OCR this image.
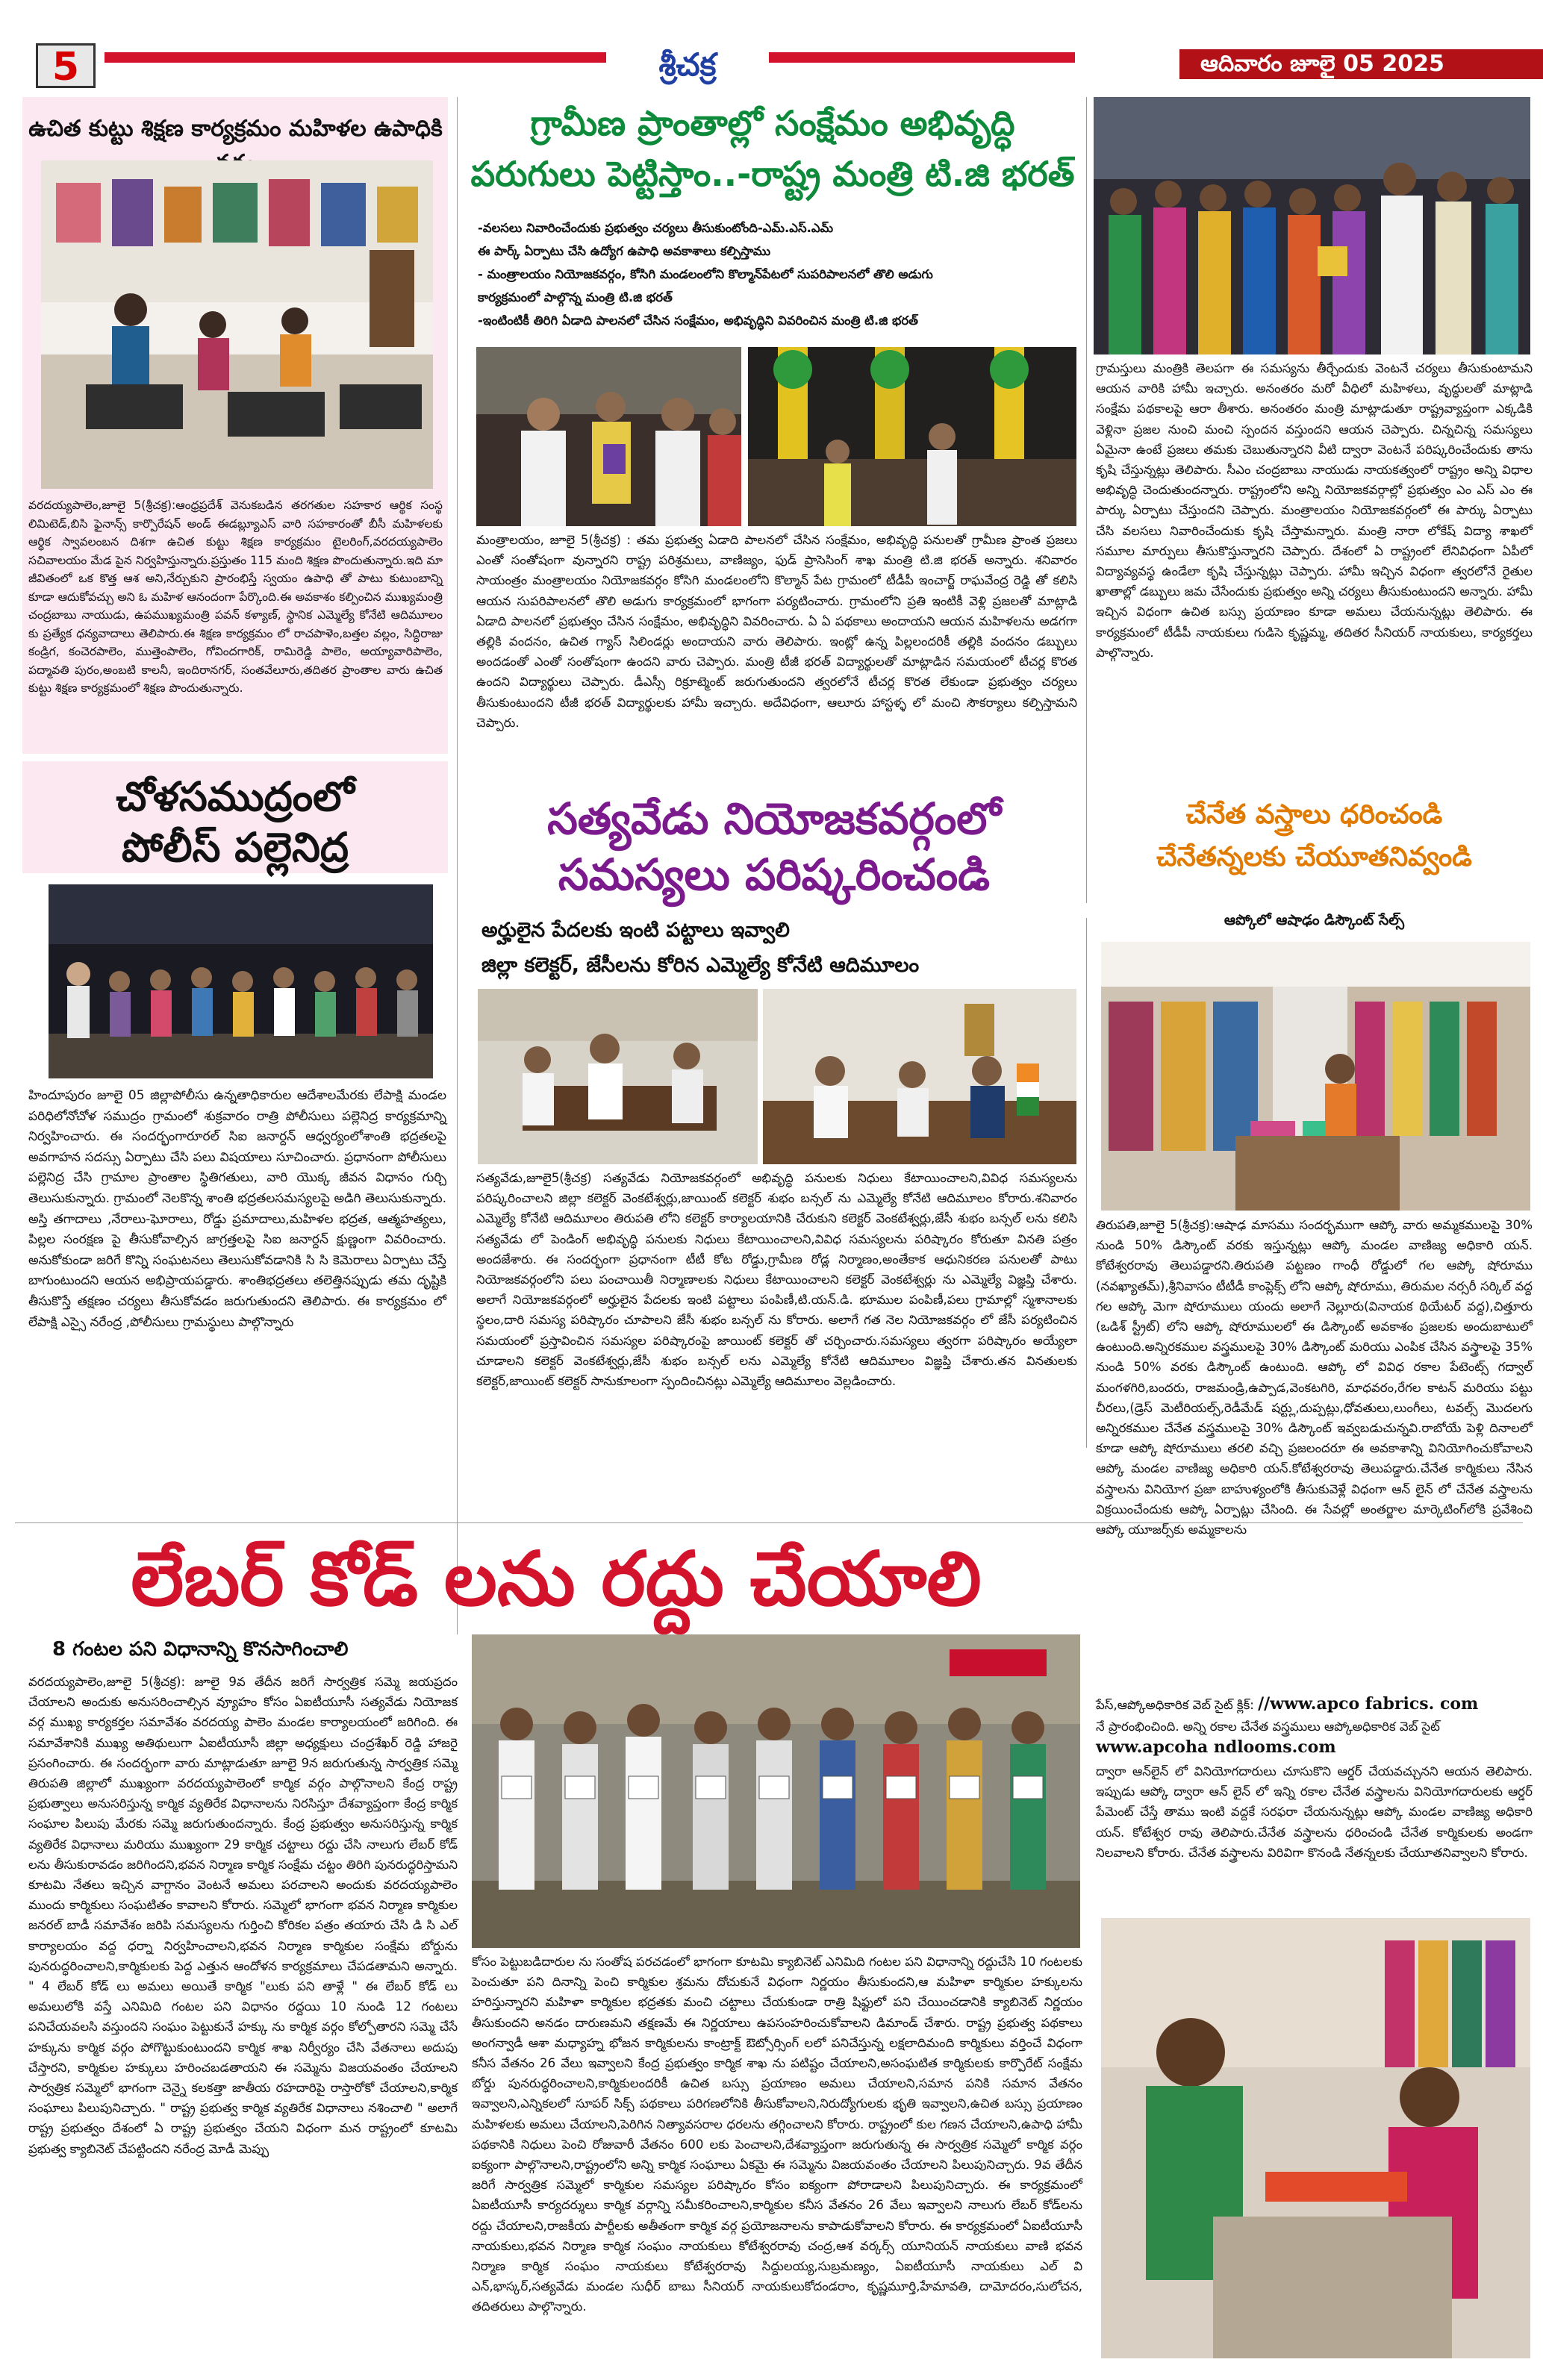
5	శ్రీచక్ర	ఆదివారం జూలై 05 2025
ఉచిత కుట్టు శిక్షణ కార్యక్రమం మహిళల ఉపాధికి
వరదయ్యపాలెం,జూలై 5(శ్రీచక్ర):ఆంధ్రప్రదేశ్ వెనుకబడిన తరగతుల సహకార ఆర్థిక సంస్థ లిమిటెడ్,బిసి ఫైనాన్స్ కార్పొరేషన్ అండ్ ఈడబ్ల్యూఎస్ వారి సహకారంతో బీసీ మహిళలకు ఆర్థిక స్వావలంబన దిశగా ఉచిత కుట్టు శిక్షణ కార్యక్రమం టైలరింగ్,వరదయ్యపాలెం సచివాలయం మేడ పైన నిర్వహిస్తున్నారు.ప్రస్తుతం 115 మంది శిక్షణ పొందుతున్నారు.ఇది మా జీవితంలో ఒక కొత్త ఆశ అని,నేర్చుకుని ప్రారంభిస్తే స్వయం ఉపాధి తో పాటు కుటుంబాన్ని కూడా ఆదుకోవచ్చు అని ఓ మహిళ ఆనందంగా పేర్కొంది.ఈ అవకాశం కల్పించిన ముఖ్యమంత్రి చంద్రబాబు నాయుడు, ఉపముఖ్యమంత్రి పవన్ కళ్యాణ్, స్థానిక ఎమ్మెల్యే కోనేటి ఆదిమూలం కు ప్రత్యేక ధన్యవాదాలు తెలిపారు.ఈ శిక్షణ కార్యక్రమం లో రాచపాళెం,బత్తల వల్లం, సిద్ధిరాజు కండ్రిగ, కంచెరపాలెం, ముత్తెంపాలెం, గోవిందగారిక్, రామిరెడ్డి పాలెం, అయ్యావారిపాలెం, పద్మావతి పురం,అంబటి కాలనీ, ఇందిరానగర్, సంతవేలూరు,తదితర ప్రాంతాల వారు ఉచిత కుట్టు శిక్షణ కార్యక్రమంలో శిక్షణ పొందుతున్నారు.
చోళసముద్రంలో
పోలీస్ పల్లెనిద్ర
హిందూపురం జూలై 05 జిల్లాపోలీసు ఉన్నతాధికారుల ఆదేశాలమేరకు లేపాక్షి మండల పరిధిలోనోచోళ సముద్రం గ్రామంలో శుక్రవారం రాత్రి పోలీసులు పల్లెనిద్ర కార్యక్రమాన్ని నిర్వహించారు. ఈ సందర్భంగారూరల్ సిఐ జనార్దన్ ఆధ్వర్యంలోశాంతి భద్రతలపై అవగాహన సదస్సు ఏర్పాటు చేసి పలు విషయాలు సూచించారు. ప్రధానంగా పోలీసులు పల్లెనిద్ర చేసి గ్రామాల ప్రాంతాల స్థితిగతులు, వారి యొక్క జీవన విధానం గుర్చి తెలుసుకున్నారు. గ్రామంలో నెలకొన్న శాంతి భద్రతలసమస్యలపై అడిగి తెలుసుకున్నారు. అస్తి తగాదాలు ,నేరాలు-ఘోరాలు, రోడ్డు ప్రమాదాలు,మహిళల భద్రత, ఆత్మహత్యలు, పిల్లల సంరక్షణ పై తీసుకోవాల్సిన జాగ్రత్తలపై సిఐ జనార్దన్ క్షుణ్ణంగా వివరించారు. అనుకోకుండా జరిగే కొన్ని సంఘటనలు తెలుసుకోవడానికి సి సి కెమెరాలు ఏర్పాటు చేస్తే బాగుంటుందని ఆయన అభిప్రాయపడ్డారు. శాంతిభద్రతలు తలెత్తినప్పుడు తమ దృష్టికి తీసుకొస్తే తక్షణం చర్యలు తీసుకోవడం జరుగుతుందని తెలిపారు. ఈ కార్యక్రమం లో లేపాక్షి ఎస్సై నరేంద్ర ,పోలీసులు గ్రామస్థులు పాల్గొన్నారు
గ్రామీణ ప్రాంతాల్లో సంక్షేమం అభివృద్ధి
పరుగులు పెట్టిస్తాం..-రాష్ట్ర మంత్రి టి.జి భరత్
-వలసలు నివారించేందుకు ప్రభుత్వం చర్యలు తీసుకుంటోంది-ఎమ్.ఎస్.ఎమ్
ఈ పార్క్ ఏర్పాటు చేసి ఉద్యోగ ఉపాధి అవకాశాలు కల్పిస్తాము
- మంత్రాలయం నియోజకవర్గం, కోసిగి మండలంలోని కొల్మాన్‌పేటలో సుపరిపాలనలో తొలి అడుగు
కార్యక్రమంలో పాల్గొన్న మంత్రి టి.జి భరత్
-ఇంటింటికీ తిరిగి ఏడాది పాలనలో చేసిన సంక్షేమం, అభివృద్ధిని వివరించిన మంత్రి టి.జి భరత్
మంత్రాలయం, జూలై 5(శ్రీచక్ర) : తమ ప్రభుత్వ ఏడాది పాలనలో చేసిన సంక్షేమం, అభివృద్ధి పనులతో గ్రామీణ ప్రాంత ప్రజలు ఎంతో సంతోషంగా వున్నారని రాష్ట్ర పరిశ్రమలు, వాణిజ్యం, ఫుడ్ ప్రాసెసింగ్ శాఖ మంత్రి టి.జి భరత్ అన్నారు. శనివారం సాయంత్రం మంత్రాలయం నియోజకవర్గం కోసిగి మండలంలోని కొల్మాన్ పేట గ్రామంలో టీడీపీ ఇంచార్జ్ రాఘవేంద్ర రెడ్డి తో కలిసి ఆయన సుపరిపాలనలో తొలి అడుగు కార్యక్రమంలో భాగంగా పర్యటించారు. గ్రామంలోని ప్రతి ఇంటికీ వెళ్లి ప్రజలతో మాట్లాడి ఏడాది పాలనలో ప్రభుత్వం చేసిన సంక్షేమం, అభివృద్ధిని వివరించారు. ఏ ఏ పథకాలు అందాయని ఆయన మహిళలను అడగగా తల్లికి వందనం, ఉచిత గ్యాస్ సిలిండర్లు అందాయని వారు తెలిపారు. ఇంట్లో ఉన్న పిల్లలందరికీ తల్లికి వందనం డబ్బులు అందడంతో ఎంతో సంతోషంగా ఉందని వారు చెప్పారు. మంత్రి టీజీ భరత్ విద్యార్థులతో మాట్లాడిన సమయంలో టీచర్ల కొరత ఉందని విద్యార్థులు చెప్పారు. డీఎస్సీ రిక్రూట్మెంట్ జరుగుతుందని త్వరలోనే టీచర్ల కొరత లేకుండా ప్రభుత్వం చర్యలు తీసుకుంటుందని టీజీ భరత్ విద్యార్థులకు హామీ ఇచ్చారు. అదేవిధంగా, ఆలూరు హాస్టళ్ళ లో మంచి సౌకర్యాలు కల్పిస్తామని చెప్పారు.
గ్రామస్తులు మంత్రికి తెలపగా ఈ సమస్యను తీర్చేందుకు వెంటనే చర్యలు తీసుకుంటామని ఆయన వారికి హామీ ఇచ్చారు. అనంతరం మరో వీధిలో మహిళలు, వృద్ధులతో మాట్లాడి సంక్షేమ పథకాలపై ఆరా తీశారు. అనంతరం మంత్రి మాట్లాడుతూ రాష్ట్రవ్యాప్తంగా ఎక్కడికి వెళ్లినా ప్రజల నుంచి మంచి స్పందన వస్తుందని ఆయన చెప్పారు. చిన్నచిన్న సమస్యలు ఏమైనా ఉంటే ప్రజలు తమకు చెబుతున్నారని వీటి ద్వారా వెంటనే పరిష్కరించేందుకు తాను కృషి చేస్తున్నట్లు తెలిపారు. సీఎం చంద్రబాబు నాయుడు నాయకత్వంలో రాష్ట్రం అన్ని విధాల అభివృద్ధి చెందుతుందన్నారు. రాష్ట్రంలోని అన్ని నియోజకవర్గాల్లో ప్రభుత్వం ఎం ఎస్ ఎం ఈ పార్కు ఏర్పాటు చేస్తుందని చెప్పారు. మంత్రాలయం నియోజకవర్గంలో ఈ పార్కు ఏర్పాటు చేసి వలసలు నివారించేందుకు కృషి చేస్తామన్నారు. మంత్రి నారా లోకేష్ విద్యా శాఖలో సమూల మార్పులు తీసుకొస్తున్నారని చెప్పారు. దేశంలో ఏ రాష్ట్రంలో లేనివిధంగా ఏపీలో విద్యావ్యవస్థ ఉండేలా కృషి చేస్తున్నట్లు చెప్పారు. హామీ ఇచ్చిన విధంగా త్వరలోనే రైతుల ఖాతాల్లో డబ్బులు జమ చేసేందుకు ప్రభుత్వం అన్ని చర్యలు తీసుకుంటుందని అన్నారు. హామీ ఇచ్చిన విధంగా ఉచిత బస్సు ప్రయాణం కూడా అమలు చేయనున్నట్లు తెలిపారు. ఈ కార్యక్రమంలో టీడీపీ నాయకులు గుడిసె కృష్ణమ్మ, తదితర సీనియర్ నాయకులు, కార్యకర్తలు పాల్గొన్నారు.
సత్యవేడు నియోజకవర్గంలో
సమస్యలు పరిష్కరించండి
అర్హులైన పేదలకు ఇంటి పట్టాలు ఇవ్వాలి
జిల్లా కలెక్టర్, జేసీలను కోరిన ఎమ్మెల్యే కోనేటి ఆదిమూలం
సత్యవేడు,జూలై5(శ్రీచక్ర) సత్యవేడు నియోజకవర్గంలో అభివృద్ధి పనులకు నిధులు కేటాయించాలని,వివిధ సమస్యలను పరిష్కరించాలని జిల్లా కలెక్టర్ వెంకటేశ్వర్లు,జాయింట్ కలెక్టర్ శుభం బన్సల్ ను ఎమ్మెల్యే కోనేటి ఆదిమూలం కోరారు.శనివారం ఎమ్మెల్యే కోనేటి ఆదిమూలం తిరుపతి లోని కలెక్టర్ కార్యాలయానికి చేరుకుని కలెక్టర్ వెంకటేశ్వర్లు,జేసీ శుభం బన్సల్ లను కలిసి సత్యవేడు లో పెండింగ్ అభివృద్ధి పనులకు నిధులు కేటాయించాలని,వివిధ సమస్యలను పరిష్కారం కోరుతూ వినతి పత్రం అందజేశారు. ఈ సందర్భంగా ప్రధానంగా టీటీ కోట రోడ్డు,గ్రామీణ రోడ్ల నిర్మాణం,అంతేకాక ఆధునికరణ పనులతో పాటు నియోజకవర్గంలోని పలు పంచాయితీ నిర్మాణాలకు నిధులు కేటాయించాలని కలెక్టర్ వెంకటేశ్వర్లు ను ఎమ్మెల్యే విజ్ఞప్తి చేశారు. అలాగే నియోజకవర్గంలో అర్హులైన పేదలకు ఇంటి పట్టాలు పంపిణీ,టి.యన్.డి. భూముల పంపిణీ,పలు గ్రామాల్లో స్మశానాలకు స్థలం,దారి సమస్య పరిష్కారం చూపాలని జేసీ శుభం బన్సల్ ను కోరారు. అలాగే గత నెల నియోజకవర్గం లో జేసీ పర్యటించిన సమయంలో ప్రస్తావించిన సమస్యల పరిష్కారంపై జాయింట్ కలెక్టర్ తో చర్చించారు.సమస్యలు త్వరగా పరిష్కారం అయ్యేలా చూడాలని కలెక్టర్ వెంకటేశ్వర్లు,జేసీ శుభం బన్సల్ లను ఎమ్మెల్యే కోనేటి ఆదిమూలం విజ్ఞప్తి చేశారు.తన వినతులకు కలెక్టర్,జాయింట్ కలెక్టర్ సానుకూలంగా స్పందించినట్లు ఎమ్మెల్యే ఆదిమూలం వెల్లడించారు.
చేనేత వస్త్రాలు ధరించండి
చేనేతన్నలకు చేయూతనివ్వండి
ఆప్కోలో ఆషాఢం డిస్కౌంట్ సేల్స్
తిరుపతి,జూలై 5(శ్రీచక్ర):ఆషాఢ మాసము సందర్భముగా ఆప్కో వారు అమ్మకములపై 30% నుండి 50% డిస్కౌంట్ వరకు ఇస్తున్నట్లు ఆప్కో మండల వాణిజ్య అధికారి యన్. కోటేశ్వరరావు తెలుపడ్డారని.తిరుపతి పట్టణం గాంధీ రోడ్డులో గల ఆప్కో షోరూము (నవఖ్యాతమ్),శ్రీనివాసం టీటీడీ కాంప్లెక్స్ లోని ఆప్కో షోరూము, తిరుమల నర్సరీ సర్కిల్ వద్ద గల ఆప్కో మెగా షోరూములు యందు అలాగే నెల్లూరు(వినాయక థియేటర్ వద్ద),చిత్తూరు (ఒడిశ్ స్ట్రీట్) లోని ఆప్కో షోరూములలో ఈ డిస్కౌంట్ అవకాశం ప్రజలకు అందుబాటులో ఉంటుంది.అన్నిరకముల వస్త్రములపై 30% డిస్కౌంట్ మరియు ఎంపిక చేసిన వస్త్రాలపై 35% నుండి 50% వరకు డిస్కౌంట్ ఉంటుంది. ఆప్కో లో వివిధ రకాల పేటెంట్స్ గద్వాల్ మంగళగిరి,బందరు, రాజమండ్రి,ఉప్పాడ,వెంకటగిరి, మాధవరం,రేగల కాటన్ మరియు పట్టు చీరలు,(డ్రెస్ మెటీరియల్స్,రెడీమేడ్ షర్ట్లు,దుప్పట్లు,ధోవతులు,లుంగీలు, టవల్స్ మొదలగు అన్నిరకముల చేనేత వస్త్రములపై 30% డిస్కౌంట్ ఇవ్వబడుచున్నవి.రాబోయే పెళ్లి దినాలలో కూడా ఆప్కో షోరూములు తరలి వచ్చి ప్రజలందరూ ఈ అవకాశాన్ని వినియోగించుకోవాలని ఆప్కో మండల వాణిజ్య అధికారి యన్.కోటేశ్వరరావు తెలుపడ్డారు.చేనేత కార్మికులు నేసిన వస్త్రాలను వినియోగ ప్రజా బాహుళ్యంలోకి తీసుకువెళ్లే విధంగా ఆన్ లైన్ లో చేనేత వస్త్రాలను విక్రయించేందుకు ఆప్కో ఏర్పాట్లు చేసింది. ఈ సేవల్లో అంతర్జాల మార్కెటింగ్‌లోకి ప్రవేశించి ఆప్కో యూజర్స్‌కు అమ్మకాలను
పేస్,ఆప్కోఅధికారిక వెబ్ సైట్ క్లిక్: //www.apco fabrics. com
నే ప్రారంభించింది. అన్ని రకాల చేనేత వస్త్రములు ఆప్కోఅధికారిక వెబ్ సైట్
www.apcoha ndlooms.com
ద్వారా ఆన్‌లైన్ లో వినియోగదారులు చూసుకొని ఆర్డర్ చేయవచ్చునని ఆయన తెలిపారు. ఇప్పుడు ఆప్కో ద్వారా ఆన్ లైన్ లో ఇన్ని రకాల చేనేత వస్త్రాలను వినియోగదారులకు ఆర్డర్ పేమెంట్ చేస్తే తాము ఇంటి వద్దకే సరఫరా చేయనున్నట్లు ఆప్కో మండల వాణిజ్య అధికారి యన్. కోటేశ్వర రావు తెలిపారు.చేనేత వస్త్రాలను ధరించండి చేనేత కార్మికులకు అండగా నిలవాలని కోరారు. చేనేత వస్త్రాలను విరివిగా కొనండి నేతన్నలకు చేయూతనివ్వాలని కోరారు.
లేబర్ కోడ్ లను రద్దు చేయాలి
8 గంటల పని విధానాన్ని కొనసాగించాలి
వరదయ్యపాలెం,జూలై 5(శ్రీచక్ర): జూలై 9వ తేదీన జరిగే సార్వత్రిక సమ్మె జయప్రదం చేయాలని అందుకు అనుసరించాల్సిన వ్యూహం కోసం ఏఐటీయూసీ సత్యవేడు నియోజక వర్గ ముఖ్య కార్యకర్తల సమావేశం వరదయ్య పాలెం మండల కార్యాలయంలో జరిగింది. ఈ సమావేశానికి ముఖ్య అతిథులుగా ఏఐటీయూసీ జిల్లా అధ్యక్షులు చంద్రశేఖర్ రెడ్డి హాజరై ప్రసంగించారు. ఈ సందర్భంగా వారు మాట్లాడుతూ జూలై 9న జరుగుతున్న సార్వత్రిక సమ్మె తిరుపతి జిల్లాలో ముఖ్యంగా వరదయ్యపాలెంలో కార్మిక వర్గం పాల్గొనాలని కేంద్ర రాష్ట్ర ప్రభుత్వాలు అనుసరిస్తున్న కార్మిక వ్యతిరేక విధానాలను నిరసిస్తూ దేశవ్యాప్తంగా కేంద్ర కార్మిక సంఘాల పిలుపు మేరకు సమ్మె జరుగుతుందన్నారు. కేంద్ర ప్రభుత్వం అనుసరిస్తున్న కార్మిక వ్యతిరేక విధానాలు మరియు ముఖ్యంగా 29 కార్మిక చట్టాలు రద్దు చేసి నాలుగు లేబర్ కోడ్ లను తీసుకురావడం జరిగిందని,భవన నిర్మాణ కార్మిక సంక్షేమ చట్టం తిరిగి పునరుద్ధరిస్తామని కూటమి నేతలు ఇచ్చిన వాగ్దానం వెంటనే అమలు పరచాలని అందుకు వరదయ్యపాలెం ముందు కార్మికులు సంఘటితం కావాలని కోరారు. సమ్మెలో భాగంగా భవన నిర్మాణ కార్మికుల జనరల్ బాడీ సమావేశం జరిపి సమస్యలను గుర్తించి కోరికల పత్రం తయారు చేసి డి సి ఎల్ కార్యాలయం వద్ద ధర్నా నిర్వహించాలని,భవన నిర్మాణ కార్మికుల సంక్షేమ బోర్డును పునరుద్ధరించాలని,కార్మికులకు పెద్ద ఎత్తున ఆందోళన కార్యక్రమాలు చేపడతామని అన్నారు. " 4 లేబర్ కోడ్ లు అమలు అయితే కార్మిక "లుకు పని తాళ్లే " ఈ లేబర్ కోడ్ లు అమలులోకి వస్తే ఎనిమిది గంటల పని విధానం రద్దయి 10 నుండి 12 గంటలు పనిచేయవలసి వస్తుందని సంఘం పెట్టుకునే హక్కు ను కార్మిక వర్గం కోల్పోతారని సమ్మె చేసే హక్కును కార్మిక వర్గం పోగొట్టుకుంటుందని కార్మిక శాఖ నిర్వీర్యం చేసి వేతనాలు అదుపు చేస్తారని, కార్మికుల హక్కులు హరించబడతాయని ఈ సమ్మెను విజయవంతం చేయాలని సార్వత్రిక సమ్మెలో భాగంగా చెన్నై కలకత్తా జాతీయ రహదారిపై రాస్తారోకో చేయాలని,కార్మిక సంఘాలు పిలుపునిచ్చారు. " రాష్ట్ర ప్రభుత్వ కార్మిక వ్యతిరేక విధానాలు నశించాలి " అలాగే రాష్ట్ర ప్రభుత్వం దేశంలో ఏ రాష్ట్ర ప్రభుత్వం చేయని విధంగా మన రాష్ట్రంలో కూటమి ప్రభుత్వ క్యాబినెట్ చేపట్టిందని నరేంద్ర మోడీ మెప్పు
కోసం పెట్టుబడిదారుల ను సంతోష పరచడంలో భాగంగా కూటమి క్యాబినెట్ ఎనిమిది గంటల పని విధానాన్ని రద్దుచేసి 10 గంటలకు పెంచుతూ పని దినాన్ని పెంచి కార్మికుల శ్రమను దోచుకునే విధంగా నిర్ణయం తీసుకుందని,ఆ మహిళా కార్మికుల హక్కులను హరిస్తున్నారని మహిళా కార్మికుల భద్రతకు మంచి చట్టాలు చేయకుండా రాత్రి షిఫ్టులో పని చేయించడానికి క్యాబినెట్ నిర్ణయం తీసుకుందని అనడం దారుణమని తక్షణమే ఈ నిర్ణయాలు ఉపసంహరించుకోవాలని డిమాండ్ చేశారు. రాష్ట్ర ప్రభుత్వ పథకాలు అంగన్వాడీ ఆశా మధ్యాహ్న భోజన కార్మికులను కాంట్రాక్ట్ ఔట్సోర్సింగ్ లలో పనిచేస్తున్న లక్షలాదిమంది కార్మికులు వర్తించే విధంగా కనీస వేతనం 26 వేలు ఇవ్వాలని కేంద్ర ప్రభుత్వం కార్మిక శాఖ ను పటిష్టం చేయాలని,అసంఘటిత కార్మికులకు కార్పొరేట్ సంక్షేమ బోర్డు పునరుద్ధరించాలని,కార్మికులందరికీ ఉచిత బస్సు ప్రయాణం అమలు చేయాలని,సమాన పనికి సమాన వేతనం ఇవ్వాలని,ఎన్నికలలో సూపర్ సిక్స్ పథకాలు పరిగణలోనికి తీసుకోవాలని,నిరుద్యోగులకు భృతి ఇవ్వాలని,ఉచిత బస్సు ప్రయాణం మహిళలకు అమలు చేయాలని,పెరిగిన నిత్యావసరాల ధరలను తగ్గించాలని కోరారు. రాష్ట్రంలో కుల గణన చేయాలని,ఉపాధి హామీ పథకానికి నిధులు పెంచి రోజువారీ వేతనం 600 లకు పెంచాలని,దేశవ్యాప్తంగా జరుగుతున్న ఈ సార్వత్రిక సమ్మెలో కార్మిక వర్గం ఐక్యంగా పాల్గొనాలని,రాష్ట్రంలోని అన్ని కార్మిక సంఘాలు ఏకమై ఈ సమ్మెను విజయవంతం చేయాలని పిలుపునిచ్చారు. 9వ తేదీన జరిగే సార్వత్రిక సమ్మెలో కార్మికుల సమస్యల పరిష్కారం కోసం ఐక్యంగా పోరాడాలని పిలుపునిచ్చారు. ఈ కార్యక్రమంలో ఏఐటీయూసీ కార్యదర్శులు కార్మిక వర్గాన్ని సమీకరించాలని,కార్మికుల కనీస వేతనం 26 వేలు ఇవ్వాలని నాలుగు లేబర్ కోడ్‌లను రద్దు చేయాలని,రాజకీయ పార్టీలకు అతీతంగా కార్మిక వర్గ ప్రయోజనాలను కాపాడుకోవాలని కోరారు. ఈ కార్యక్రమంలో ఏఐటీయూసీ నాయకులు,భవన నిర్మాణ కార్మిక సంఘం నాయకులు కోటేశ్వరరావు చంద్ర,ఆశ వర్కర్స్ యూనియన్ నాయకులు వాణి భవన నిర్మాణ కార్మిక సంఘం నాయకులు కోటేశ్వరరావు సిద్దులయ్య,సుబ్రమణ్యం, ఏఐటీయూసీ నాయకులు ఎల్ వి ఎన్,భాస్కర్,సత్యవేడు మండల సుధీర్ బాబు సీనియర్ నాయకులుకోదండరాం, కృష్ణమూర్తి,హేమావతి, దామోదరం,సులోచన, తదితరులు పాల్గొన్నారు.
